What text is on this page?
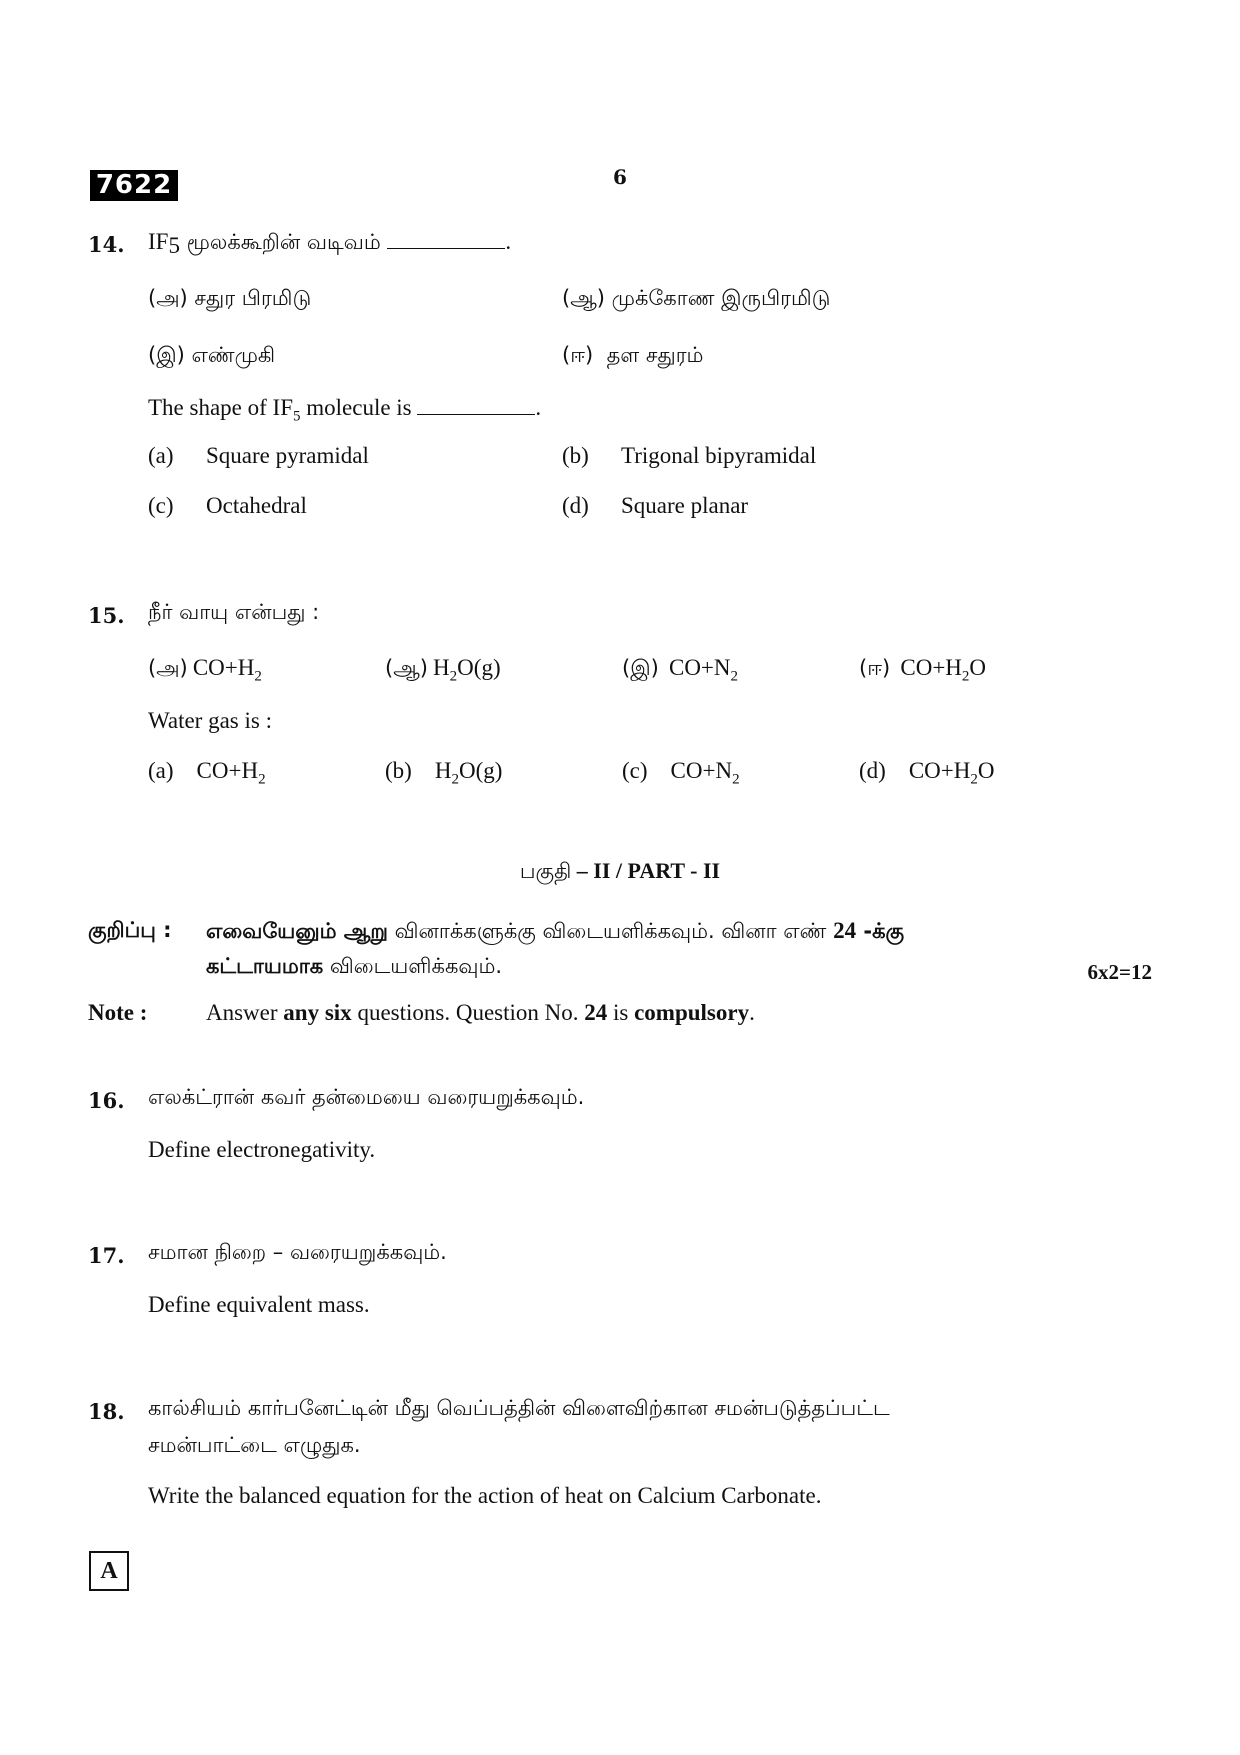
7622	6
14. $IF_5$ மூலக்கூறின் வடிவம்	.
(அ) சதுர பிரமிடு	(ஆ) முக்கோண இருபிரமிடு
(இ) எண்முகி	(ஈ) தள சதுரம்
The shape of $IF_5$ molecule is	.
(a) Square pyramidal	(b) Trigonal bipyramidal
(c) Octahedral	(d) Square planar
15. நீர் வாயு என்பது :
(அ) $CO+H_2$	(ஆ) $H_2O(g)$	(இ) $CO+N_2$	(ஈ) $CO+H_2O$
Water gas is :
(a) $CO+H_2$	(b) $H_2O(g)$	(c) $CO+N_2$	(d) $CO+H_2O$
பகுதி – II / PART - II
குறிப்பு : எவையேனும் ஆறு வினாக்களுக்கு விடையளிக்கவும். வினா எண் 24 -க்கு
கட்டாயமாக விடையளிக்கவும்.	6x2=12
Note :	Answer any six questions. Question No. 24 is compulsory.
16. எலக்ட்ரான் கவர் தன்மையை வரையறுக்கவும்.
Define electronegativity.
17. சமான நிறை – வரையறுக்கவும்.
Define equivalent mass.
18. கால்சியம் கார்பனேட்டின் மீது வெப்பத்தின் விளைவிற்கான சமன்படுத்தப்பட்ட
சமன்பாட்டை எழுதுக.
Write the balanced equation for the action of heat on Calcium Carbonate.
A
